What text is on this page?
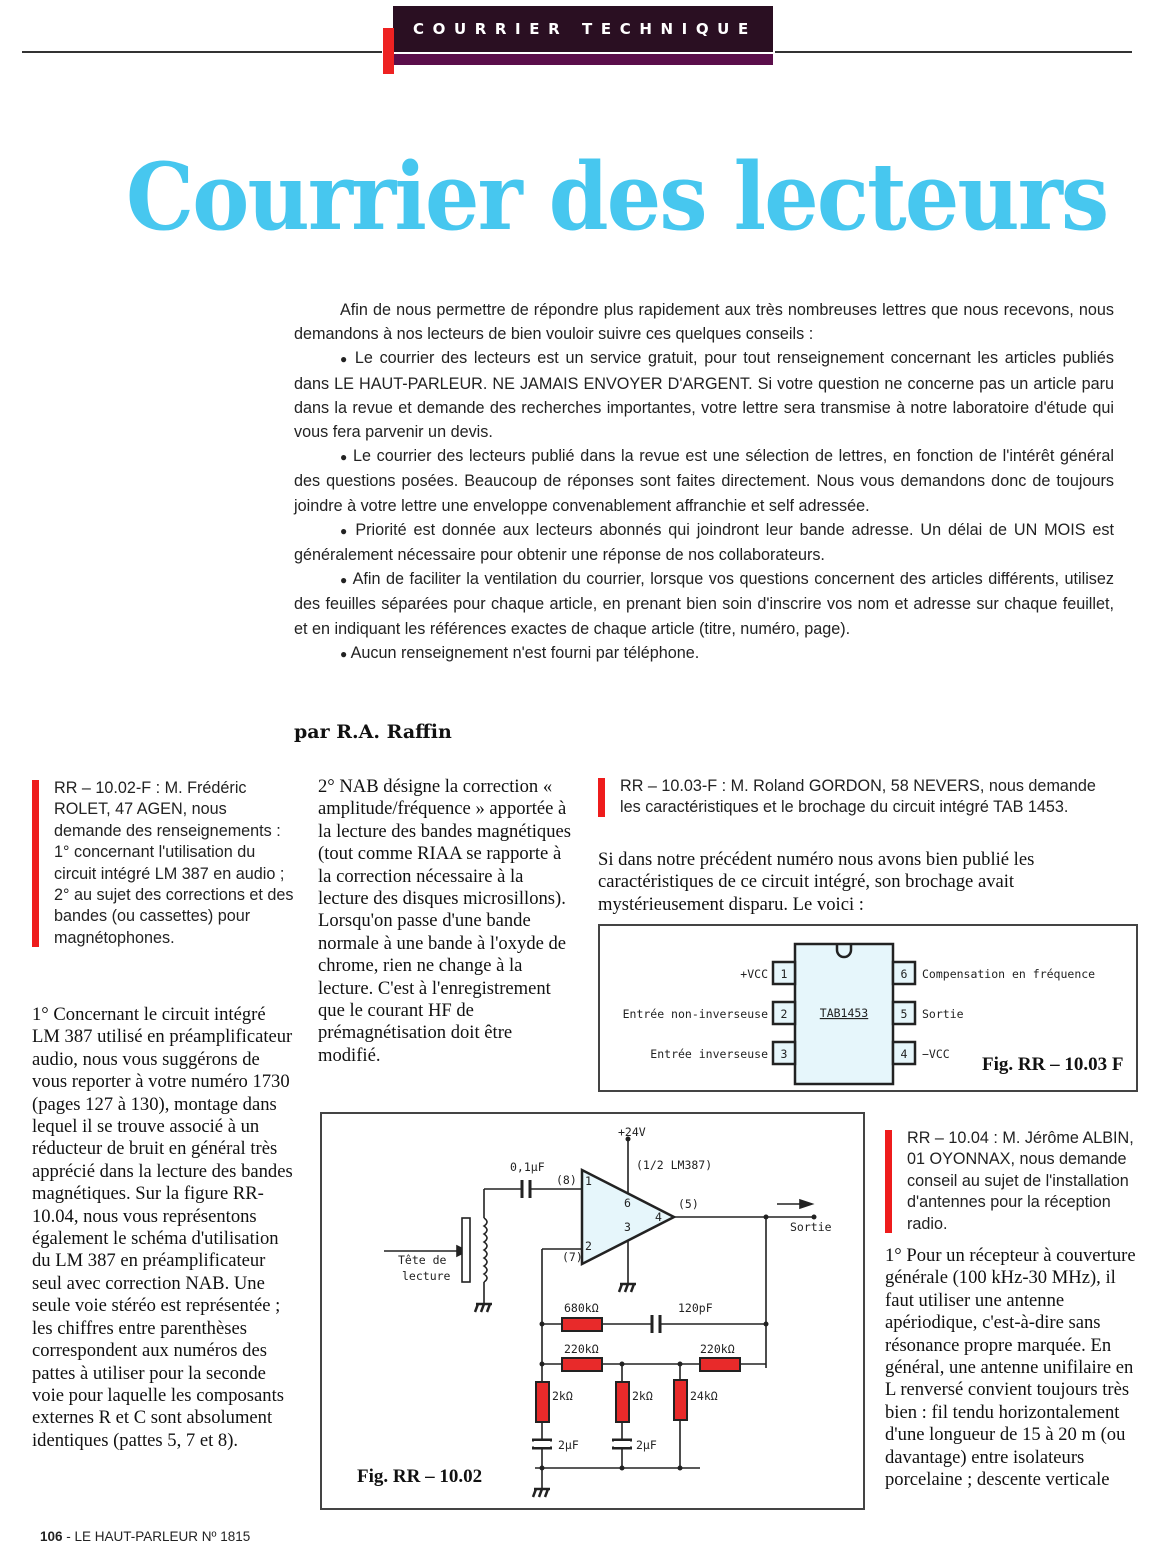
COURRIER TECHNIQUE
Courrier des lecteurs

Afin de nous permettre de répondre plus rapidement aux très nombreuses lettres que nous recevons, nous demandons à nos lecteurs de bien vouloir suivre ces quelques conseils :

● Le courrier des lecteurs est un service gratuit, pour tout renseignement concernant les articles publiés dans LE HAUT-PARLEUR. NE JAMAIS ENVOYER D'ARGENT. Si votre question ne concerne pas un article paru dans la revue et demande des recherches importantes, votre lettre sera transmise à notre laboratoire d'étude qui vous fera parvenir un devis.

● Le courrier des lecteurs publié dans la revue est une sélection de lettres, en fonction de l'intérêt général des questions posées. Beaucoup de réponses sont faites directement. Nous vous demandons donc de toujours joindre à votre lettre une enveloppe convenablement affranchie et self adressée.

● Priorité est donnée aux lecteurs abonnés qui joindront leur bande adresse. Un délai de UN MOIS est généralement nécessaire pour obtenir une réponse de nos collaborateurs.

● Afin de faciliter la ventilation du courrier, lorsque vos questions concernent des articles différents, utilisez des feuilles séparées pour chaque article, en prenant bien soin d'inscrire vos nom et adresse sur chaque feuillet, et en indiquant les références exactes de chaque article (titre, numéro, page).

● Aucun renseignement n'est fourni par téléphone.

par R.A. Raffin
RR – 10.02-F : M. Frédéric ROLET, 47 AGEN, nous demande des renseignements : 1° concernant l'utilisation du circuit intégré LM 387 en audio ; 2° au sujet des corrections et des bandes (ou cassettes) pour magnétophones.
1° Concernant le circuit intégré LM 387 utilisé en préamplificateur audio, nous vous suggérons de vous reporter à votre numéro 1730 (pages 127 à 130), montage dans lequel il se trouve associé à un réducteur de bruit en général très apprécié dans la lecture des bandes magnétiques. Sur la figure RR-10.04, nous vous représentons également le schéma d'utilisation du LM 387 en préamplificateur seul avec correction NAB. Une seule voie stéréo est représentée ; les chiffres entre parenthèses correspondent aux numéros des pattes à utiliser pour la seconde voie pour laquelle les composants externes R et C sont absolument identiques (pattes 5, 7 et 8).
2° NAB désigne la correction « amplitude/fréquence » apportée à la lecture des bandes magnétiques (tout comme RIAA se rapporte à la correction nécessaire à la lecture des disques microsillons). Lorsqu'on passe d'une bande normale à une bande à l'oxyde de chrome, rien ne change à la lecture. C'est à l'enregistrement que le courant HF de prémagnétisation doit être modifié.
RR – 10.03-F : M. Roland GORDON, 58 NEVERS, nous demande les caractéristiques et le brochage du circuit intégré TAB 1453.
Si dans notre précédent numéro nous avons bien publié les caractéristiques de ce circuit intégré, son brochage avait mystérieusement disparu. Le voici :
1
2
3
6
5
4
+VCC
Entrée non-inverseuse
Entrée inverseuse
Compensation en fréquence
Sortie
−VCC
TAB1453
Fig. RR – 10.03 F
+24V
(1/2 LM387)
0,1µF
(8) 1
2
(7)
6
3
4
(5)
Sortie
Tête de
lecture
680kΩ	120pF
220kΩ	220kΩ
2kΩ	2kΩ	24kΩ
2µF	2µF
Fig. RR – 10.02
RR – 10.04 : M. Jérôme ALBIN, 01 OYONNAX, nous demande conseil au sujet de l'installation d'antennes pour la réception radio.
1° Pour un récepteur à couverture générale (100 kHz-30 MHz), il faut utiliser une antenne apériodique, c'est-à-dire sans résonance propre marquée. En général, une antenne unifilaire en L renversé convient toujours très bien : fil tendu horizontalement d'une longueur de 15 à 20 m (ou davantage) entre isolateurs porcelaine ; descente verticale
106 - LE HAUT-PARLEUR Nº 1815
